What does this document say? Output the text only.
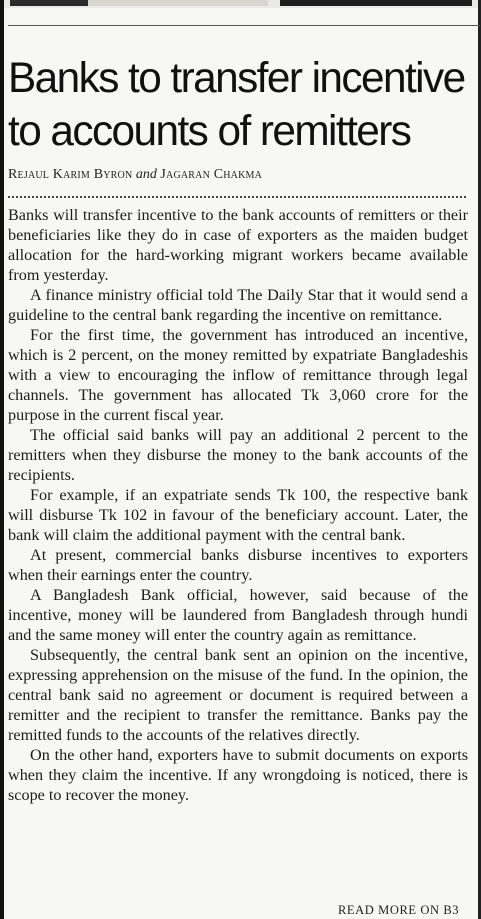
Banks to transfer incentive to accounts of remitters
Rejaul Karim Byron and Jagaran Chakma

Banks will transfer incentive to the bank accounts of remitters or their beneficiaries like they do in case of exporters as the maiden budget allocation for the hard-working migrant workers became available from yesterday.

A finance ministry official told The Daily Star that it would send a guideline to the central bank regarding the incentive on remittance.

For the first time, the government has introduced an incentive, which is 2 percent, on the money remitted by expatriate Bangladeshis with a view to encouraging the inflow of remittance through legal channels. The government has allocated Tk 3,060 crore for the purpose in the current fiscal year.

The official said banks will pay an additional 2 percent to the remitters when they disburse the money to the bank accounts of the recipients.

For example, if an expatriate sends Tk 100, the respective bank will disburse Tk 102 in favour of the beneficiary account. Later, the bank will claim the additional payment with the central bank.

At present, commercial banks disburse incentives to exporters when their earnings enter the country.

A Bangladesh Bank official, however, said because of the incentive, money will be laundered from Bangladesh through hundi and the same money will enter the country again as remittance.

Subsequently, the central bank sent an opinion on the incentive, expressing apprehension on the misuse of the fund. In the opinion, the central bank said no agreement or document is required between a remitter and the recipient to transfer the remittance. Banks pay the remitted funds to the accounts of the relatives directly.

On the other hand, exporters have to submit documents on exports when they claim the incentive. If any wrongdoing is noticed, there is scope to recover the money.

READ MORE ON B3
